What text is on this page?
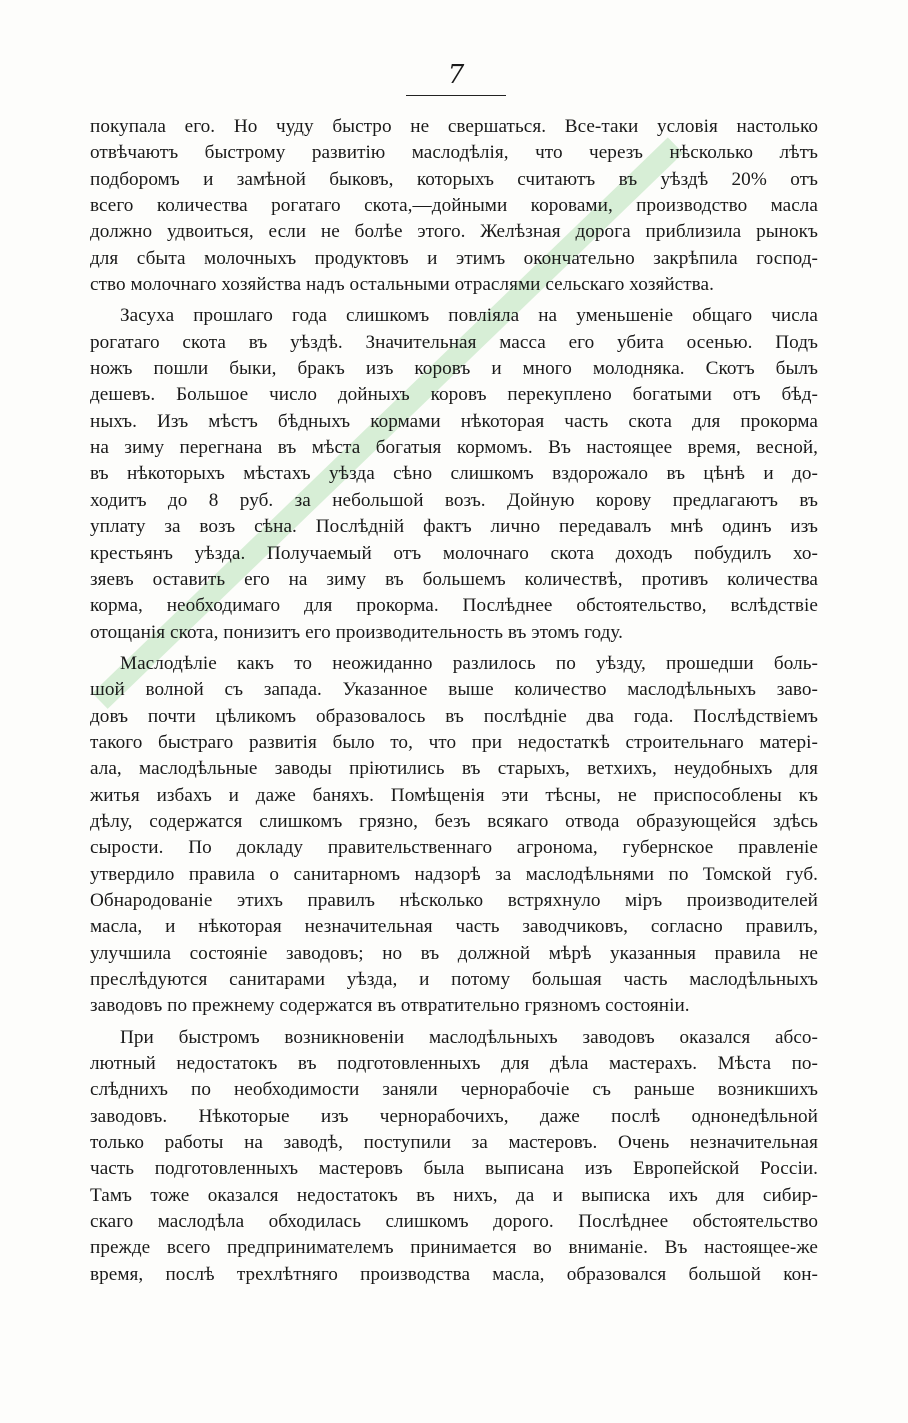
7
покупала его. Но чуду быстро не свершаться. Все-таки условія настолько
отвѣчаютъ быстрому развитію маслодѣлія, что черезъ нѣсколько лѣтъ
подборомъ и замѣной быковъ, которыхъ считаютъ въ уѣздѣ 20% отъ
всего количества рогатаго скота,—дойными коровами, производство масла
должно удвоиться, если не болѣе этого. Желѣзная дорога приблизила рынокъ
для сбыта молочныхъ продуктовъ и этимъ окончательно закрѣпила господ-
ство молочнаго хозяйства надъ остальными отраслями сельскаго хозяйства.
Засуха прошлаго года слишкомъ повліяла на уменьшеніе общаго числа
рогатаго скота въ уѣздѣ. Значительная масса его убита осенью. Подъ
ножъ пошли быки, бракъ изъ коровъ и много молодняка. Скотъ былъ
дешевъ. Большое число дойныхъ коровъ перекуплено богатыми отъ бѣд-
ныхъ. Изъ мѣстъ бѣдныхъ кормами нѣкоторая часть скота для прокорма
на зиму перегнана въ мѣста богатыя кормомъ. Въ настоящее время, весной,
въ нѣкоторыхъ мѣстахъ уѣзда сѣно слишкомъ вздорожало въ цѣнѣ и до-
ходитъ до 8 руб. за небольшой возъ. Дойную корову предлагаютъ въ
уплату за возъ сѣна. Послѣдній фактъ лично передавалъ мнѣ одинъ изъ
крестьянъ уѣзда. Получаемый отъ молочнаго скота доходъ побудилъ хо-
зяевъ оставить его на зиму въ большемъ количествѣ, противъ количества
корма, необходимаго для прокорма. Послѣднее обстоятельство, вслѣдствіе
отощанія скота, понизитъ его производительность въ этомъ году.
Маслодѣліе какъ то неожиданно разлилось по уѣзду, прошедши боль-
шой волной съ запада. Указанное выше количество маслодѣльныхъ заво-
довъ почти цѣликомъ образовалось въ послѣдніе два года. Послѣдствіемъ
такого быстраго развитія было то, что при недостаткѣ строительнаго матері-
ала, маслодѣльные заводы пріютились въ старыхъ, ветхихъ, неудобныхъ для
житья избахъ и даже баняхъ. Помѣщенія эти тѣсны, не приспособлены къ
дѣлу, содержатся слишкомъ грязно, безъ всякаго отвода образующейся здѣсь
сырости. По докладу правительственнаго агронома, губернское правленіе
утвердило правила о санитарномъ надзорѣ за маслодѣльнями по Томской губ.
Обнародованіе этихъ правилъ нѣсколько встряхнуло міръ производителей
масла, и нѣкоторая незначительная часть заводчиковъ, согласно правилъ,
улучшила состояніе заводовъ; но въ должной мѣрѣ указанныя правила не
преслѣдуются санитарами уѣзда, и потому большая часть маслодѣльныхъ
заводовъ по прежнему содержатся въ отвратительно грязномъ состояніи.
При быстромъ возникновеніи маслодѣльныхъ заводовъ оказался абсо-
лютный недостатокъ въ подготовленныхъ для дѣла мастерахъ. Мѣста по-
слѣднихъ по необходимости заняли чернорабочіе съ раньше возникшихъ
заводовъ. Нѣкоторые изъ чернорабочихъ, даже послѣ однонедѣльной
только работы на заводѣ, поступили за мастеровъ. Очень незначительная
часть подготовленныхъ мастеровъ была выписана изъ Европейской Россіи.
Тамъ тоже оказался недостатокъ въ нихъ, да и выписка ихъ для сибир-
скаго маслодѣла обходилась слишкомъ дорого. Послѣднее обстоятельство
прежде всего предпринимателемъ принимается во вниманіе. Въ настоящее-же
время, послѣ трехлѣтняго производства масла, образовался большой кон-
